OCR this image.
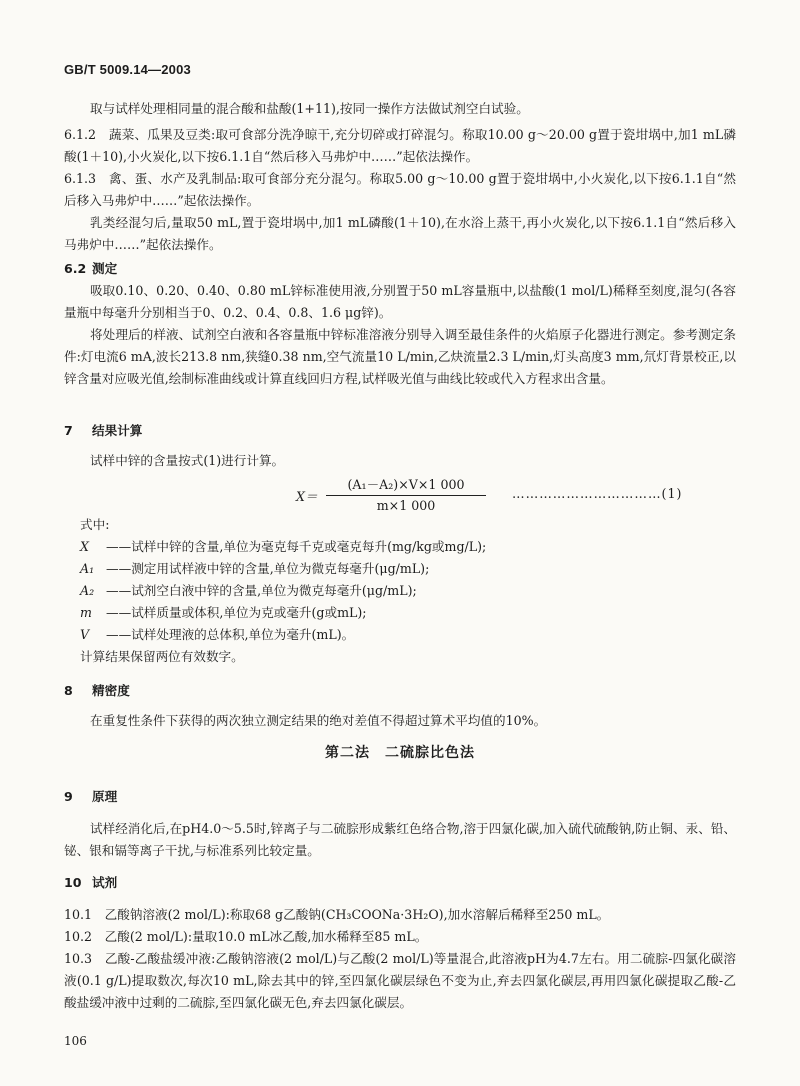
GB/T 5009.14—2003
取与试样处理相同量的混合酸和盐酸(1+11),按同一操作方法做试剂空白试验。
6.1.2　蔬菜、瓜果及豆类:取可食部分洗净晾干,充分切碎或打碎混匀。称取10.00 g～20.00 g置于瓷坩埚中,加1 mL磷酸(1＋10),小火炭化,以下按6.1.1自“然后移入马弗炉中……”起依法操作。
6.1.3　禽、蛋、水产及乳制品:取可食部分充分混匀。称取5.00 g～10.00 g置于瓷坩埚中,小火炭化,以下按6.1.1自“然后移入马弗炉中……”起依法操作。
乳类经混匀后,量取50 mL,置于瓷坩埚中,加1 mL磷酸(1＋10),在水浴上蒸干,再小火炭化,以下按6.1.1自“然后移入马弗炉中……”起依法操作。
6.2 测定
吸取0.10、0.20、0.40、0.80 mL锌标准使用液,分别置于50 mL容量瓶中,以盐酸(1 mol/L)稀释至刻度,混匀(各容量瓶中每毫升分别相当于0、0.2、0.4、0.8、1.6 μg锌)。
将处理后的样液、试剂空白液和各容量瓶中锌标准溶液分别导入调至最佳条件的火焰原子化器进行测定。参考测定条件:灯电流6 mA,波长213.8 nm,狭缝0.38 nm,空气流量10 L/min,乙炔流量2.3 L/min,灯头高度3 mm,氘灯背景校正,以锌含量对应吸光值,绘制标准曲线或计算直线回归方程,试样吸光值与曲线比较或代入方程求出含量。
7 结果计算
试样中锌的含量按式(1)进行计算。
$X= \frac{\text{(A₁－A₂)×V×1 000}}{m\times 1 000}$ ……………………………(1)
式中:
X ——试样中锌的含量,单位为毫克每千克或毫克每升(mg/kg或mg/L);
A₁ ——测定用试样液中锌的含量,单位为微克每毫升(μg/mL);
A₂ ——试剂空白液中锌的含量,单位为微克每毫升(μg/mL);
m ——试样质量或体积,单位为克或毫升(g或mL);
V ——试样处理液的总体积,单位为毫升(mL)。
计算结果保留两位有效数字。
8 精密度
在重复性条件下获得的两次独立测定结果的绝对差值不得超过算术平均值的10%。
第二法　二硫腙比色法
9 原理
试样经消化后,在pH4.0～5.5时,锌离子与二硫腙形成紫红色络合物,溶于四氯化碳,加入硫代硫酸钠,防止铜、汞、铅、铋、银和镉等离子干扰,与标准系列比较定量。
10 试剂
10.1　乙酸钠溶液(2 mol/L):称取68 g乙酸钠(CH₃COONa·3H₂O),加水溶解后稀释至250 mL。
10.2　乙酸(2 mol/L):量取10.0 mL冰乙酸,加水稀释至85 mL。
10.3　乙酸-乙酸盐缓冲液:乙酸钠溶液(2 mol/L)与乙酸(2 mol/L)等量混合,此溶液pH为4.7左右。用二硫腙-四氯化碳溶液(0.1 g/L)提取数次,每次10 mL,除去其中的锌,至四氯化碳层绿色不变为止,弃去四氯化碳层,再用四氯化碳提取乙酸-乙酸盐缓冲液中过剩的二硫腙,至四氯化碳无色,弃去四氯化碳层。
106
